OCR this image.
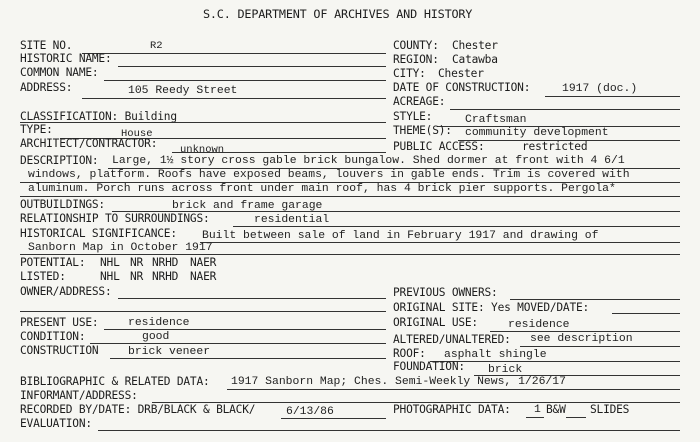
S.C. DEPARTMENT OF ARCHIVES AND HISTORY
SITE NO.	R2
HISTORIC NAME:
COMMON NAME:
ADDRESS:	105 Reedy Street
CLASSIFICATION: Building
TYPE:	House
ARCHITECT/CONTRACTOR: unknown
COUNTY: Chester
REGION: Catawba
CITY: Chester
DATE OF CONSTRUCTION:	1917 (doc.)
ACREAGE:
STYLE:	Craftsman
THEME(S): community development
PUBLIC ACCESS:	restricted
DESCRIPTION: Large, 1½ story cross gable brick bungalow. Shed dormer at front with 4 6/1
windows, platform. Roofs have exposed beams, louvers in gable ends. Trim is covered with
aluminum. Porch runs across front under main roof, has 4 brick pier supports. Pergola*
OUTBUILDINGS:	brick and frame garage
RELATIONSHIP TO SURROUNDINGS:	residential
HISTORICAL SIGNIFICANCE: Built between sale of land in February 1917 and drawing of
Sanborn Map in October 1917
POTENTIAL: NHL NR NRHD NAER
LISTED:	NHL NR NRHD NAER
OWNER/ADDRESS:	PREVIOUS OWNERS:
ORIGINAL SITE: Yes MOVED/DATE:
PRESENT USE:	residence	ORIGINAL USE:	residence
CONDITION:	good	ALTERED/UNALTERED: see description
CONSTRUCTION	brick veneer	ROOF: asphalt shingle
FOUNDATION: brick
BIBLIOGRAPHIC & RELATED DATA: 1917 Sanborn Map; Ches. Semi-Weekly News, 1/26/17
INFORMANT/ADDRESS:
RECORDED BY/DATE: DRB/BLACK & BLACK/	6/13/86	PHOTOGRAPHIC DATA: 1 B&W SLIDES
EVALUATION:
